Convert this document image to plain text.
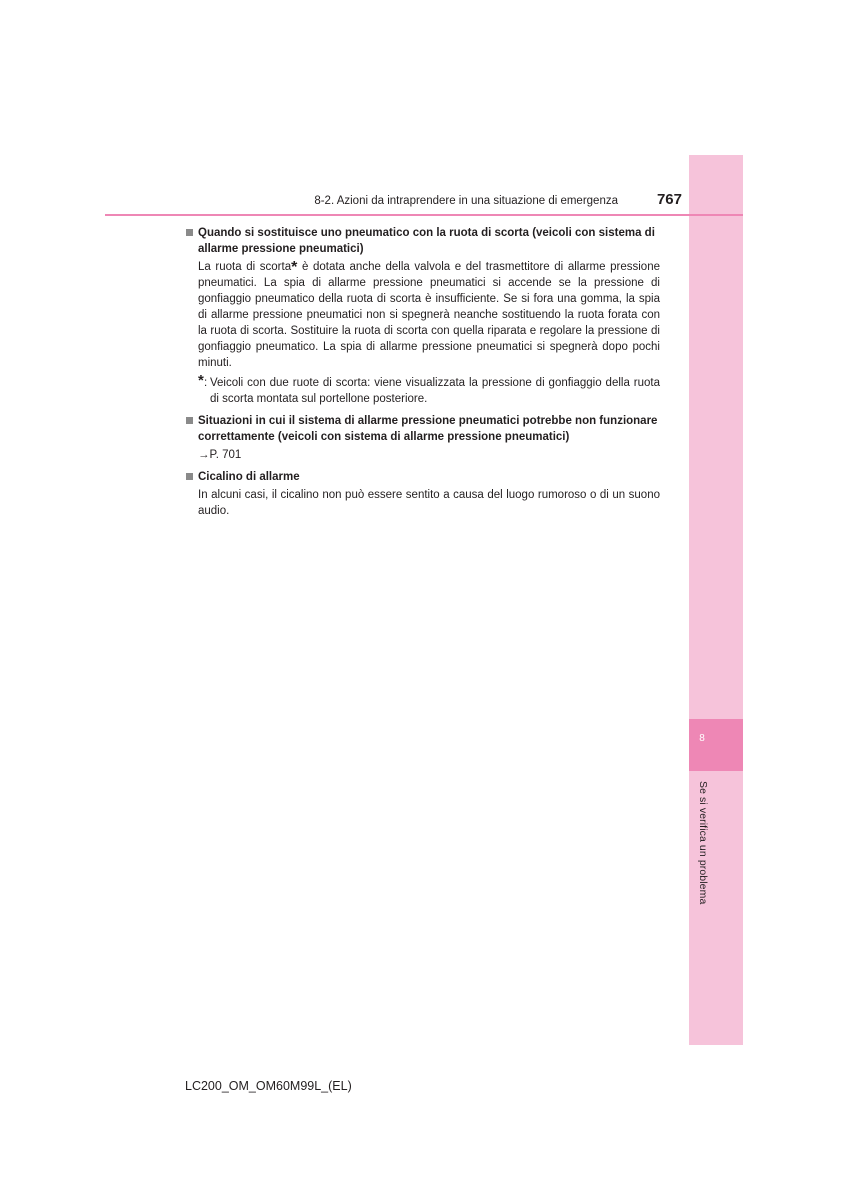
8
Se si verifica un problema
8-2. Azioni da intraprendere in una situazione di emergenza	767

Quando si sostituisce uno pneumatico con la ruota di scorta (veicoli con sistema di allarme pressione pneumatici)

La ruota di scorta* è dotata anche della valvola e del trasmettitore di allarme pressione pneumatici. La spia di allarme pressione pneumatici si accende se la pressione di gonfiaggio pneumatico della ruota di scorta è insufficiente. Se si fora una gomma, la spia di allarme pressione pneumatici non si spegnerà neanche sostituendo la ruota forata con la ruota di scorta. Sostituire la ruota di scorta con quella riparata e regolare la pressione di gonfiaggio pneumatico. La spia di allarme pressione pneumatici si spegnerà dopo pochi minuti.

* : Veicoli con due ruote di scorta: viene visualizzata la pressione di gonfiaggio della ruota di scorta montata sul portellone posteriore.

Situazioni in cui il sistema di allarme pressione pneumatici potrebbe non funzionare correttamente (veicoli con sistema di allarme pressione pneumatici)

→P. 701

Cicalino di allarme

In alcuni casi, il cicalino non può essere sentito a causa del luogo rumoroso o di un suono audio.

LC200_OM_OM60M99L_(EL)
